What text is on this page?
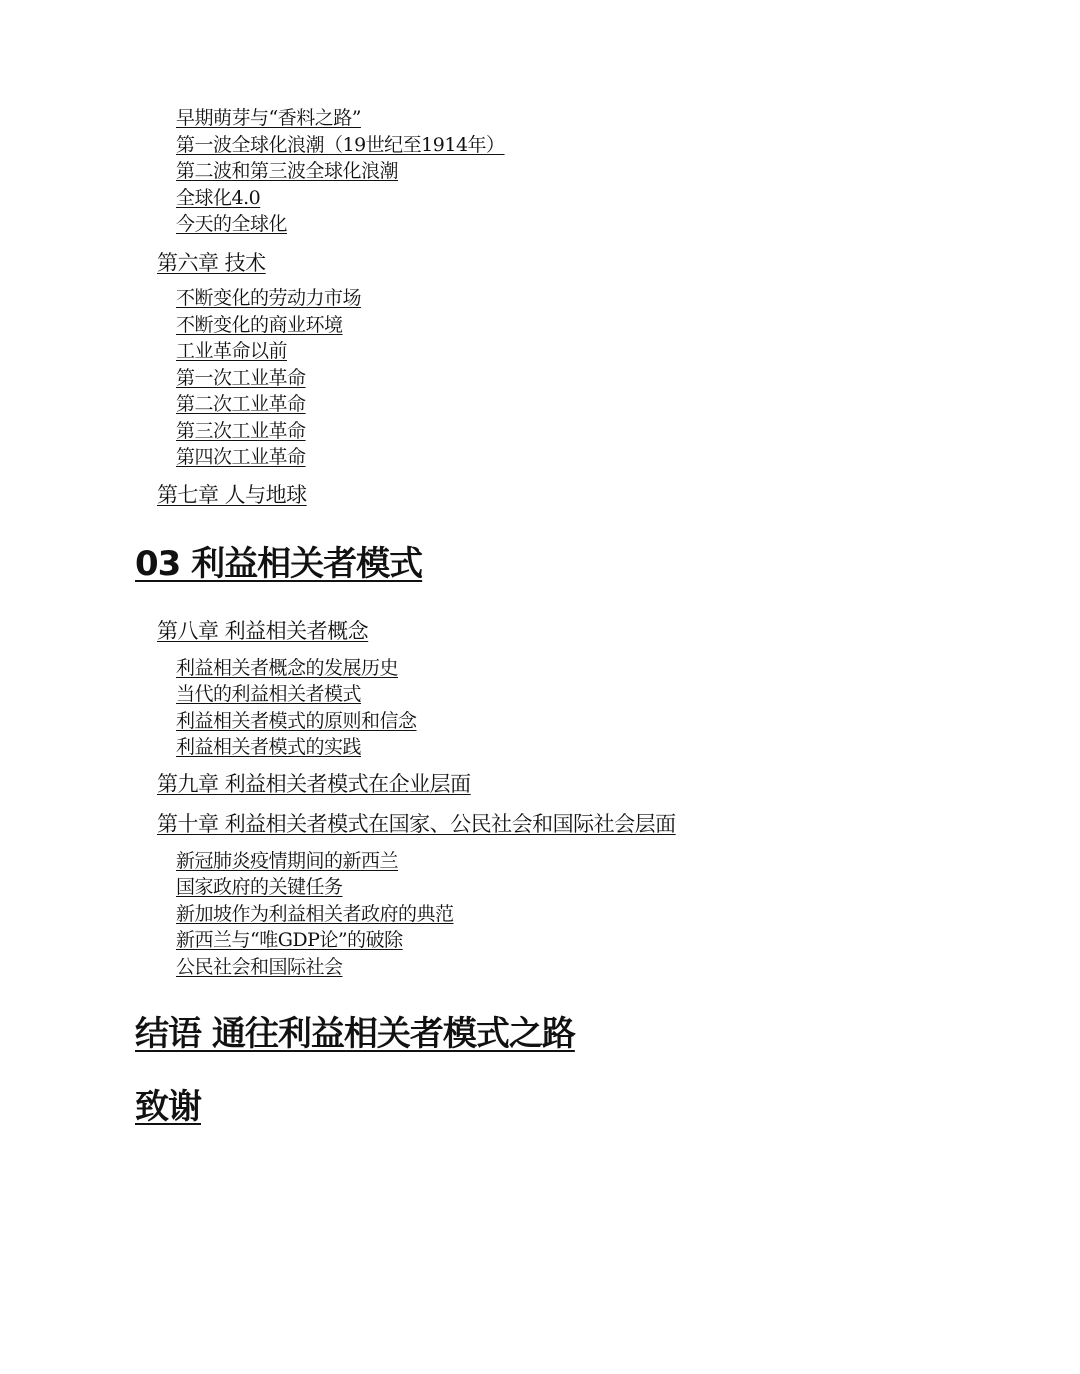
早期萌芽与“香料之路”
第一波全球化浪潮（19世纪至1914年）
第二波和第三波全球化浪潮
全球化4.0
今天的全球化
第六章 技术
不断变化的劳动力市场
不断变化的商业环境
工业革命以前
第一次工业革命
第二次工业革命
第三次工业革命
第四次工业革命
第七章 人与地球
03 利益相关者模式
第八章 利益相关者概念
利益相关者概念的发展历史
当代的利益相关者模式
利益相关者模式的原则和信念
利益相关者模式的实践
第九章 利益相关者模式在企业层面
第十章 利益相关者模式在国家、公民社会和国际社会层面
新冠肺炎疫情期间的新西兰
国家政府的关键任务
新加坡作为利益相关者政府的典范
新西兰与“唯GDP论”的破除
公民社会和国际社会
结语 通往利益相关者模式之路
致谢
